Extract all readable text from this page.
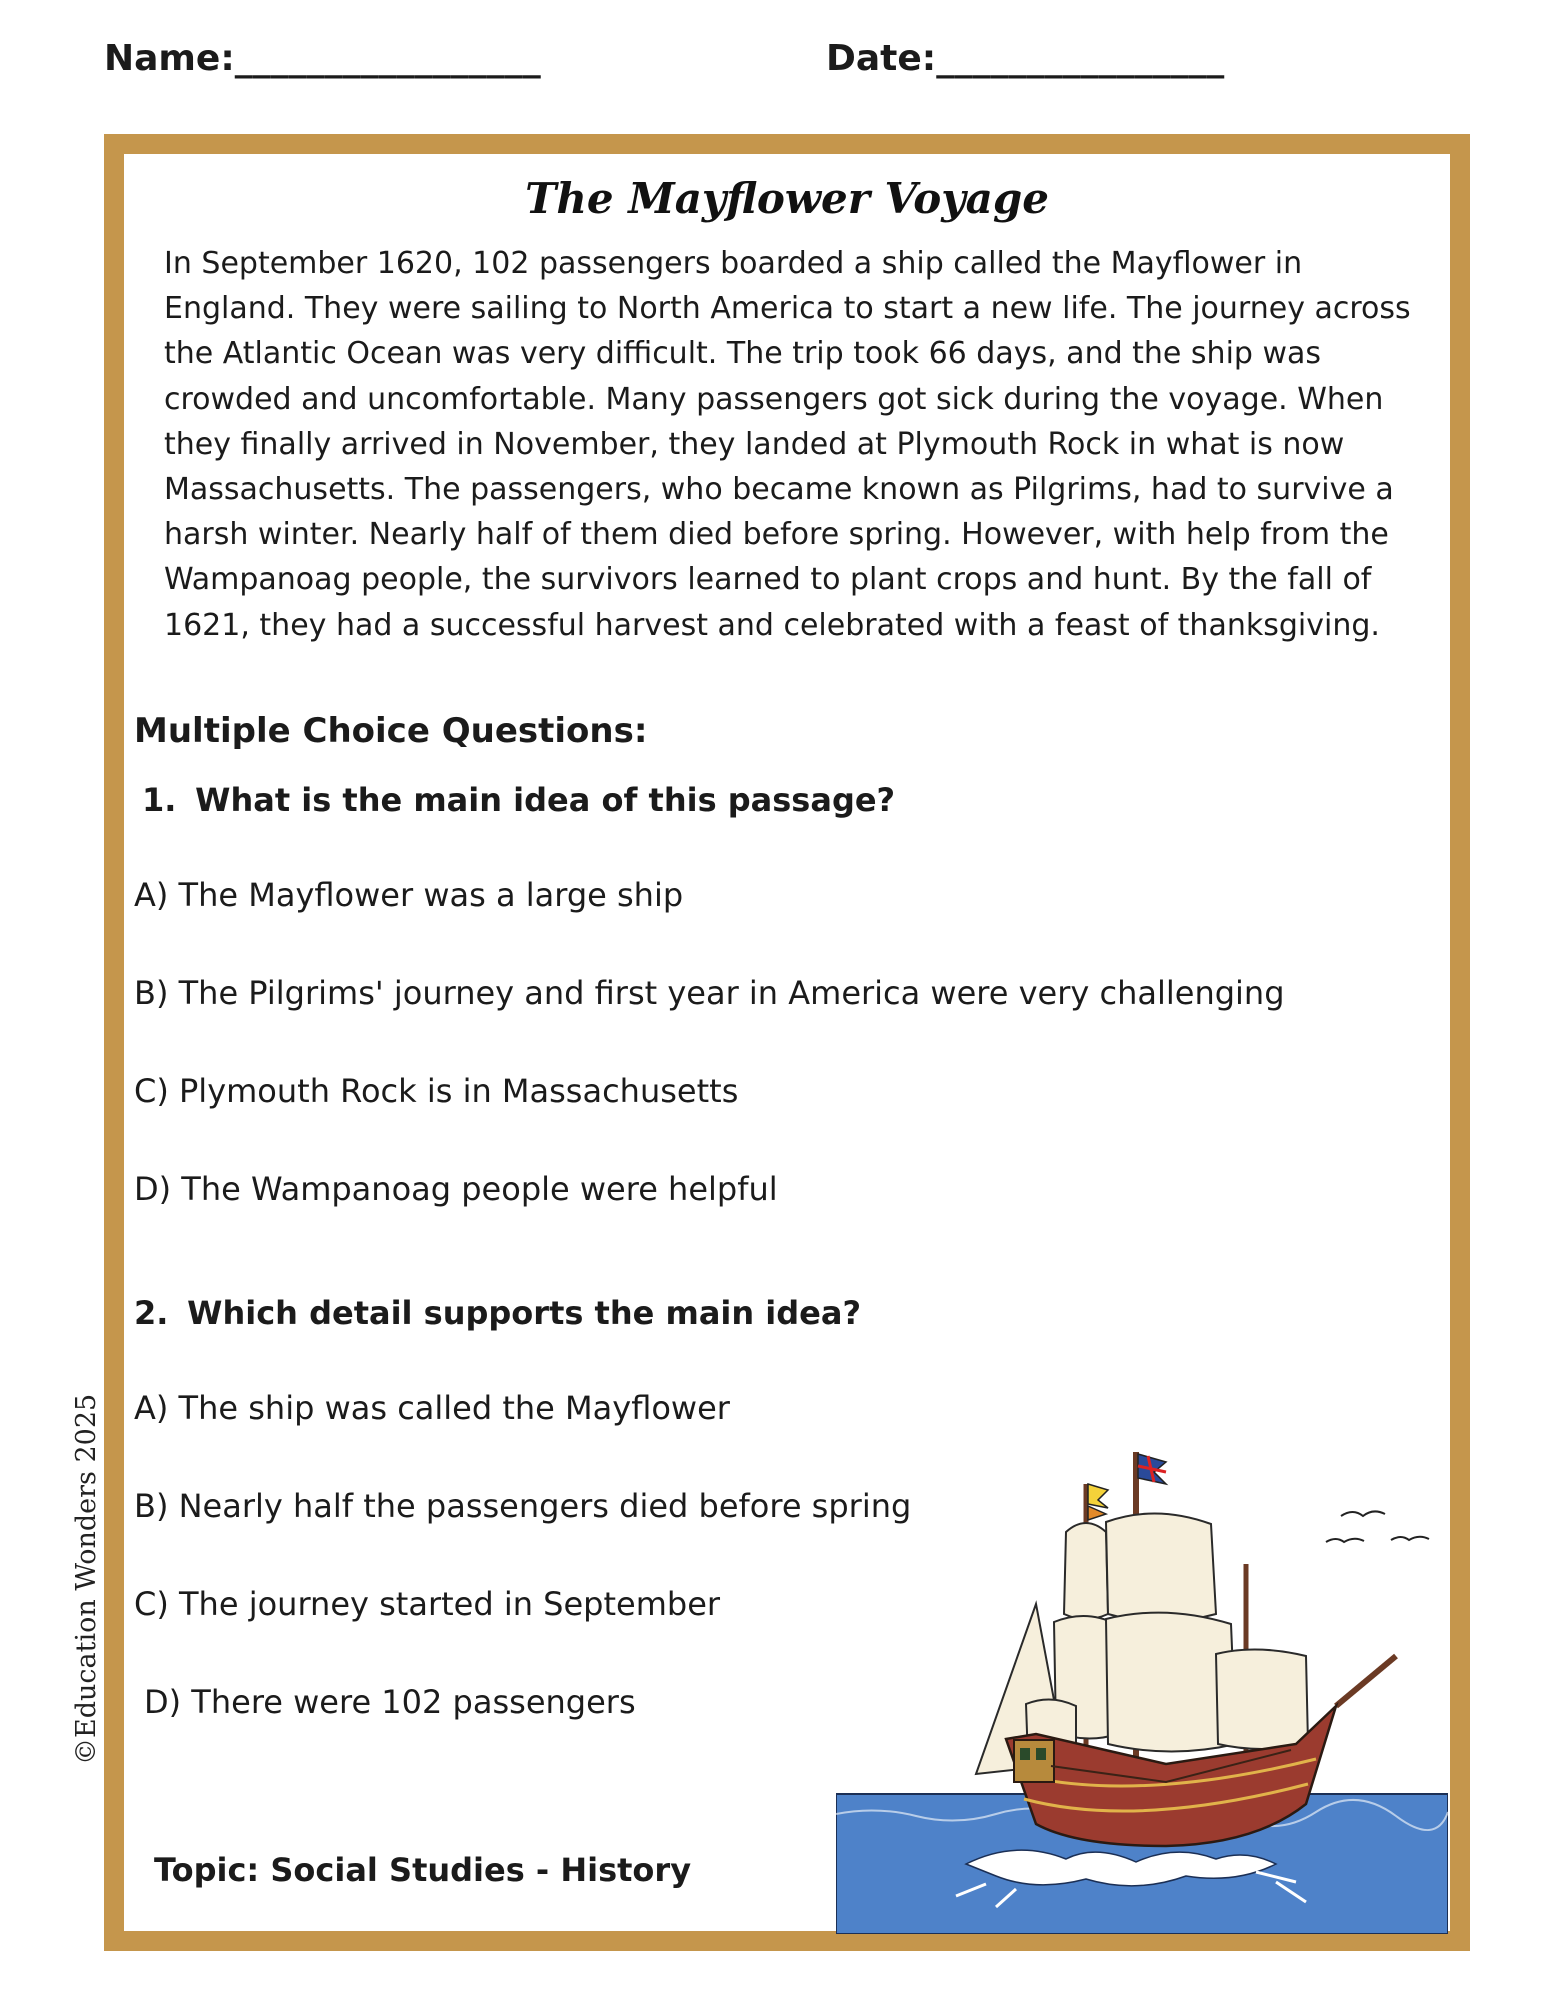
Name:_________________	Date:________________
The Mayflower Voyage
In September 1620, 102 passengers boarded a ship called the Mayflower in England. They were sailing to North America to start a new life. The journey across the Atlantic Ocean was very difficult. The trip took 66 days, and the ship was crowded and uncomfortable. Many passengers got sick during the voyage. When they finally arrived in November, they landed at Plymouth Rock in what is now Massachusetts. The passengers, who became known as Pilgrims, had to survive a harsh winter. Nearly half of them died before spring. However, with help from the Wampanoag people, the survivors learned to plant crops and hunt. By the fall of 1621, they had a successful harvest and celebrated with a feast of thanksgiving.
Multiple Choice Questions:
1. What is the main idea of this passage?
A) The Mayflower was a large ship
B) The Pilgrims' journey and first year in America were very challenging
C) Plymouth Rock is in Massachusetts
D) The Wampanoag people were helpful
2. Which detail supports the main idea?
A) The ship was called the Mayflower
B) Nearly half the passengers died before spring
C) The journey started in September
D) There were 102 passengers
Topic: Social Studies - History
©Education Wonders 2025
